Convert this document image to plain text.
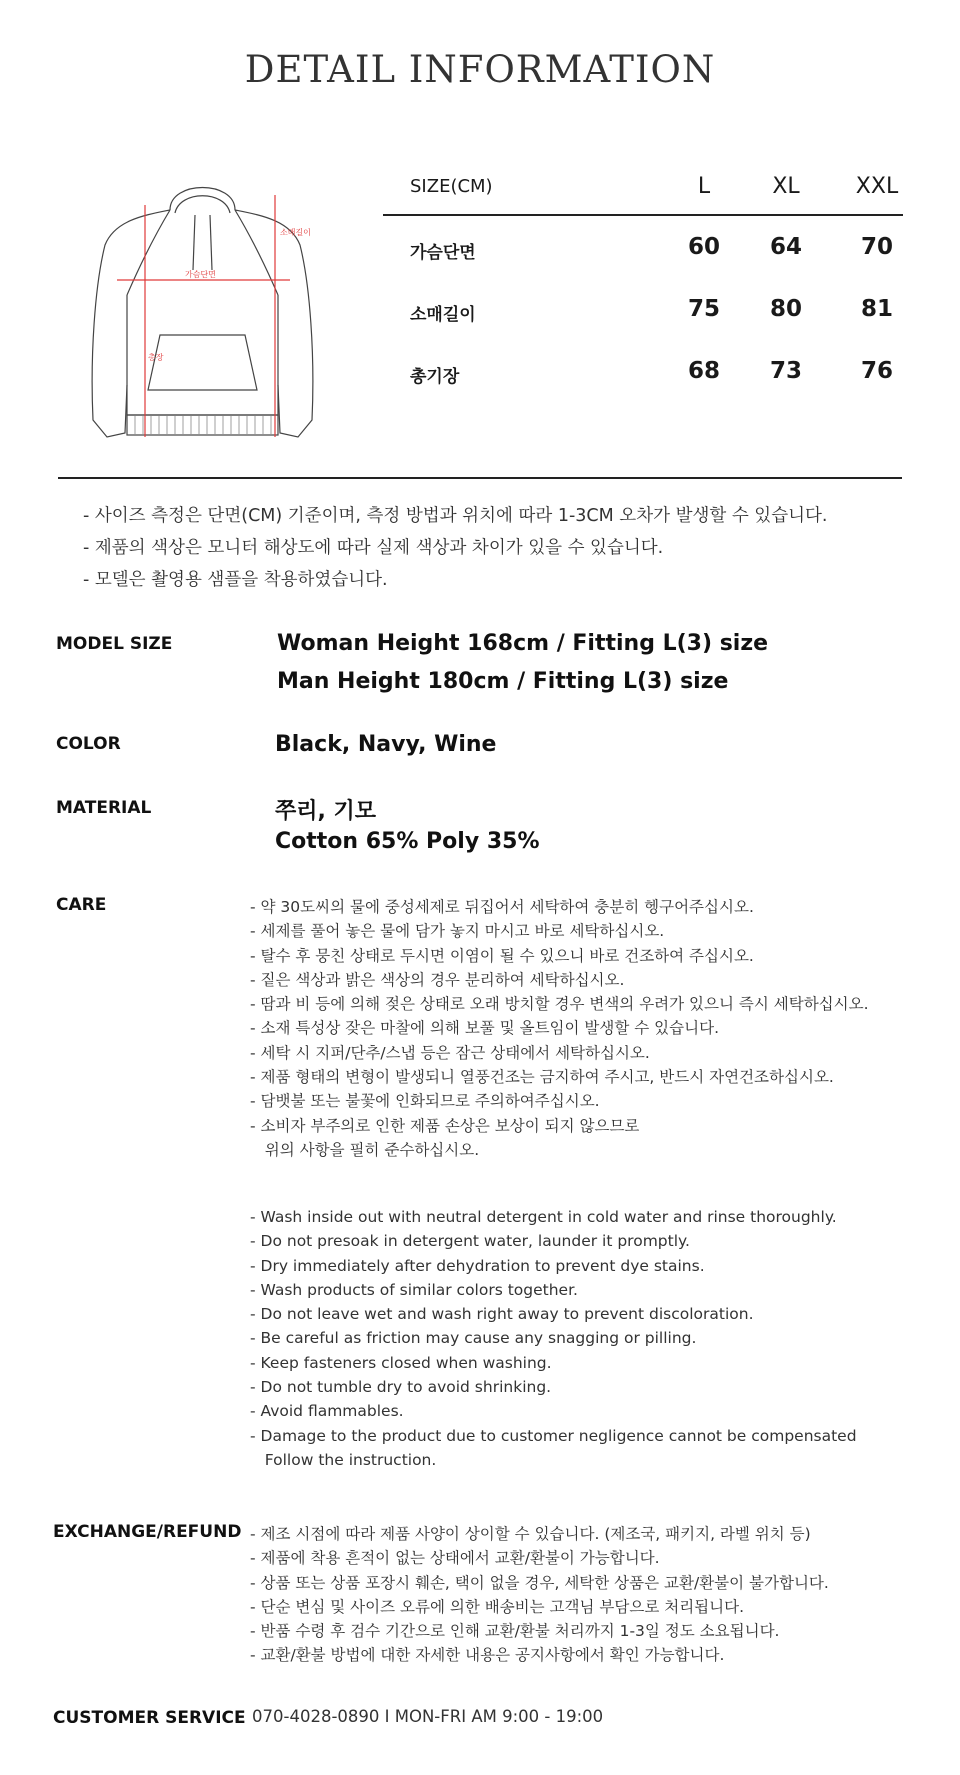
DETAIL INFORMATION
가슴단면
소매길이
총장
SIZE(CM)	L	XL	XXL
가슴단면	60	64	70
소매길이	75	80	81
총기장	68	73	76
- 사이즈 측정은 단면(CM) 기준이며, 측정 방법과 위치에 따라 1-3CM 오차가 발생할 수 있습니다.
- 제품의 색상은 모니터 해상도에 따라 실제 색상과 차이가 있을 수 있습니다.
- 모델은 촬영용 샘플을 착용하였습니다.
MODEL SIZE	Woman Height 168cm / Fitting L(3) size
Man Height 180cm / Fitting L(3) size
COLOR	Black, Navy, Wine
MATERIAL	쭈리, 기모
Cotton 65% Poly 35%
CARE	- 약 30도씨의 물에 중성세제로 뒤집어서 세탁하여 충분히 헹구어주십시오.
- 세제를 풀어 놓은 물에 담가 놓지 마시고 바로 세탁하십시오.
- 탈수 후 뭉친 상태로 두시면 이염이 될 수 있으니 바로 건조하여 주십시오.
- 짙은 색상과 밝은 색상의 경우 분리하여 세탁하십시오.
- 땀과 비 등에 의해 젖은 상태로 오래 방치할 경우 변색의 우려가 있으니 즉시 세탁하십시오.
- 소재 특성상 잦은 마찰에 의해 보풀 및 올트임이 발생할 수 있습니다.
- 세탁 시 지퍼/단추/스냅 등은 잠근 상태에서 세탁하십시오.
- 제품 형태의 변형이 발생되니 열풍건조는 금지하여 주시고, 반드시 자연건조하십시오.
- 담뱃불 또는 불꽃에 인화되므로 주의하여주십시오.
- 소비자 부주의로 인한 제품 손상은 보상이 되지 않으므로
위의 사항을 필히 준수하십시오.
- Wash inside out with neutral detergent in cold water and rinse thoroughly.
- Do not presoak in detergent water, launder it promptly.
- Dry immediately after dehydration to prevent dye stains.
- Wash products of similar colors together.
- Do not leave wet and wash right away to prevent discoloration.
- Be careful as friction may cause any snagging or pilling.
- Keep fasteners closed when washing.
- Do not tumble dry to avoid shrinking.
- Avoid flammables.
- Damage to the product due to customer negligence cannot be compensated
Follow the instruction.
EXCHANGE/REFUND - 제조 시점에 따라 제품 사양이 상이할 수 있습니다. (제조국, 패키지, 라벨 위치 등)
- 제품에 착용 흔적이 없는 상태에서 교환/환불이 가능합니다.
- 상품 또는 상품 포장시 훼손, 택이 없을 경우, 세탁한 상품은 교환/환불이 불가합니다.
- 단순 변심 및 사이즈 오류에 의한 배송비는 고객님 부담으로 처리됩니다.
- 반품 수령 후 검수 기간으로 인해 교환/환불 처리까지 1-3일 정도 소요됩니다.
- 교환/환불 방법에 대한 자세한 내용은 공지사항에서 확인 가능합니다.
CUSTOMER SERVICE 070-4028-0890 I MON-FRI AM 9:00 - 19:00
